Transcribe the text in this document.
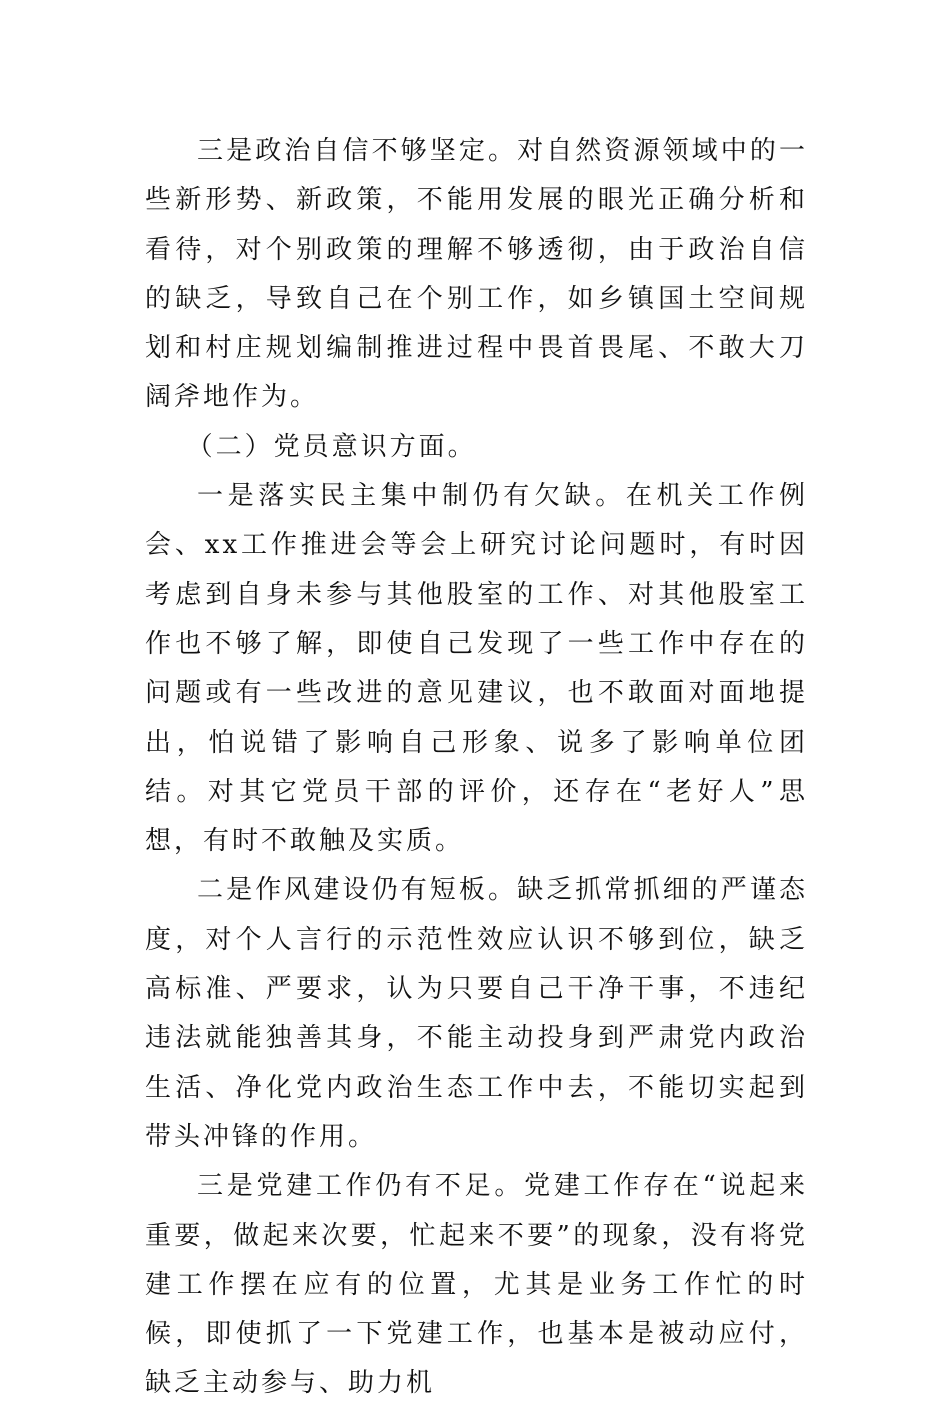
三是政治自信不够坚定。对自然资源领域中的一些新形势、新政策，不能用发展的眼光正确分析和看待，对个别政策的理解不够透彻，由于政治自信的缺乏，导致自己在个别工作，如乡镇国土空间规划和村庄规划编制推进过程中畏首畏尾、不敢大刀阔斧地作为。

（二）党员意识方面。

一是落实民主集中制仍有欠缺。在机关工作例会、xx工作推进会等会上研究讨论问题时，有时因考虑到自身未参与其他股室的工作、对其他股室工作也不够了解，即使自己发现了一些工作中存在的问题或有一些改进的意见建议，也不敢面对面地提出，怕说错了影响自己形象、说多了影响单位团结。对其它党员干部的评价，还存在“老好人”思想，有时不敢触及实质。

二是作风建设仍有短板。缺乏抓常抓细的严谨态度，对个人言行的示范性效应认识不够到位，缺乏高标准、严要求，认为只要自己干净干事，不违纪违法就能独善其身，不能主动投身到严肃党内政治生活、净化党内政治生态工作中去，不能切实起到带头冲锋的作用。

三是党建工作仍有不足。党建工作存在“说起来重要，做起来次要，忙起来不要”的现象，没有将党建工作摆在应有的位置，尤其是业务工作忙的时候，即使抓了一下党建工作，也基本是被动应付，缺乏主动参与、助力机
